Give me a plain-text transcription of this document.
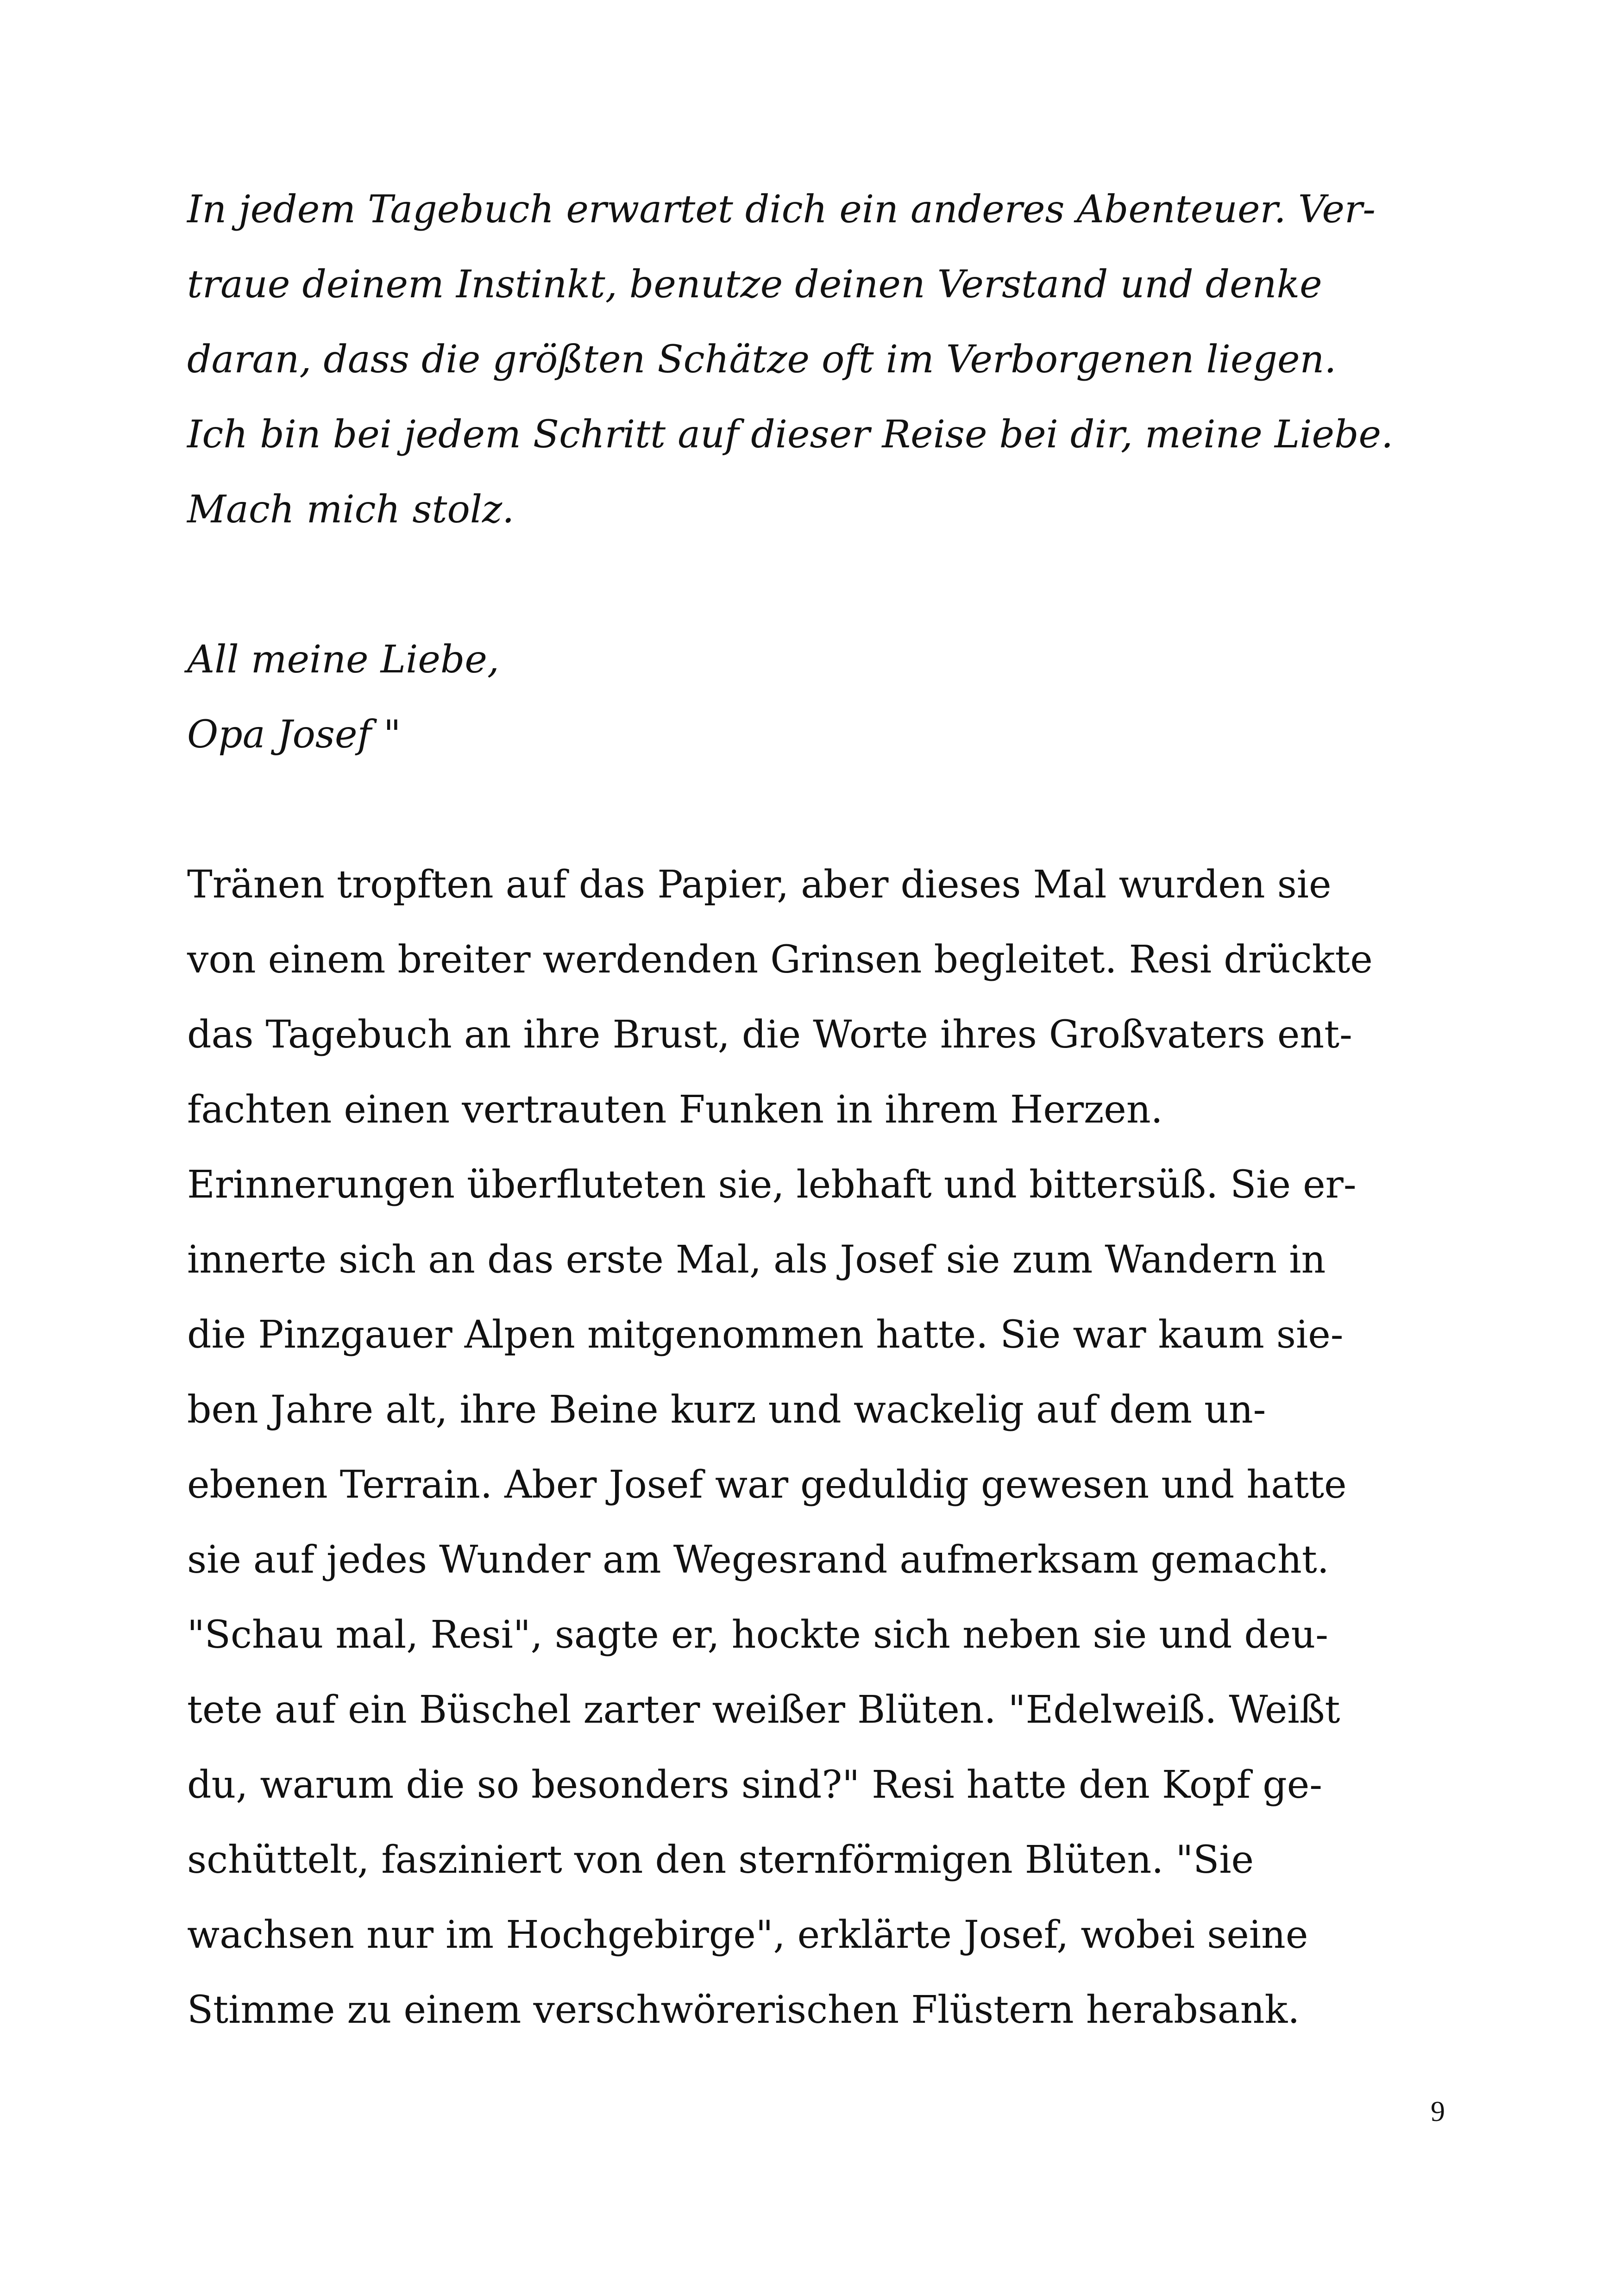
In jedem Tagebuch erwartet dich ein anderes Abenteuer. Ver-
traue deinem Instinkt, benutze deinen Verstand und denke
daran, dass die größten Schätze oft im Verborgenen liegen.
Ich bin bei jedem Schritt auf dieser Reise bei dir, meine Liebe.
Mach mich stolz.
All meine Liebe,
Opa Josef "
Tränen tropften auf das Papier, aber dieses Mal wurden sie
von einem breiter werdenden Grinsen begleitet. Resi drückte
das Tagebuch an ihre Brust, die Worte ihres Großvaters ent-
fachten einen vertrauten Funken in ihrem Herzen.
Erinnerungen überfluteten sie, lebhaft und bittersüß. Sie er-
innerte sich an das erste Mal, als Josef sie zum Wandern in
die Pinzgauer Alpen mitgenommen hatte. Sie war kaum sie-
ben Jahre alt, ihre Beine kurz und wackelig auf dem un-
ebenen Terrain. Aber Josef war geduldig gewesen und hatte
sie auf jedes Wunder am Wegesrand aufmerksam gemacht.
"Schau mal, Resi", sagte er, hockte sich neben sie und deu-
tete auf ein Büschel zarter weißer Blüten. "Edelweiß. Weißt
du, warum die so besonders sind?" Resi hatte den Kopf ge-
schüttelt, fasziniert von den sternförmigen Blüten. "Sie
wachsen nur im Hochgebirge", erklärte Josef, wobei seine
Stimme zu einem verschwörerischen Flüstern herabsank.
9
